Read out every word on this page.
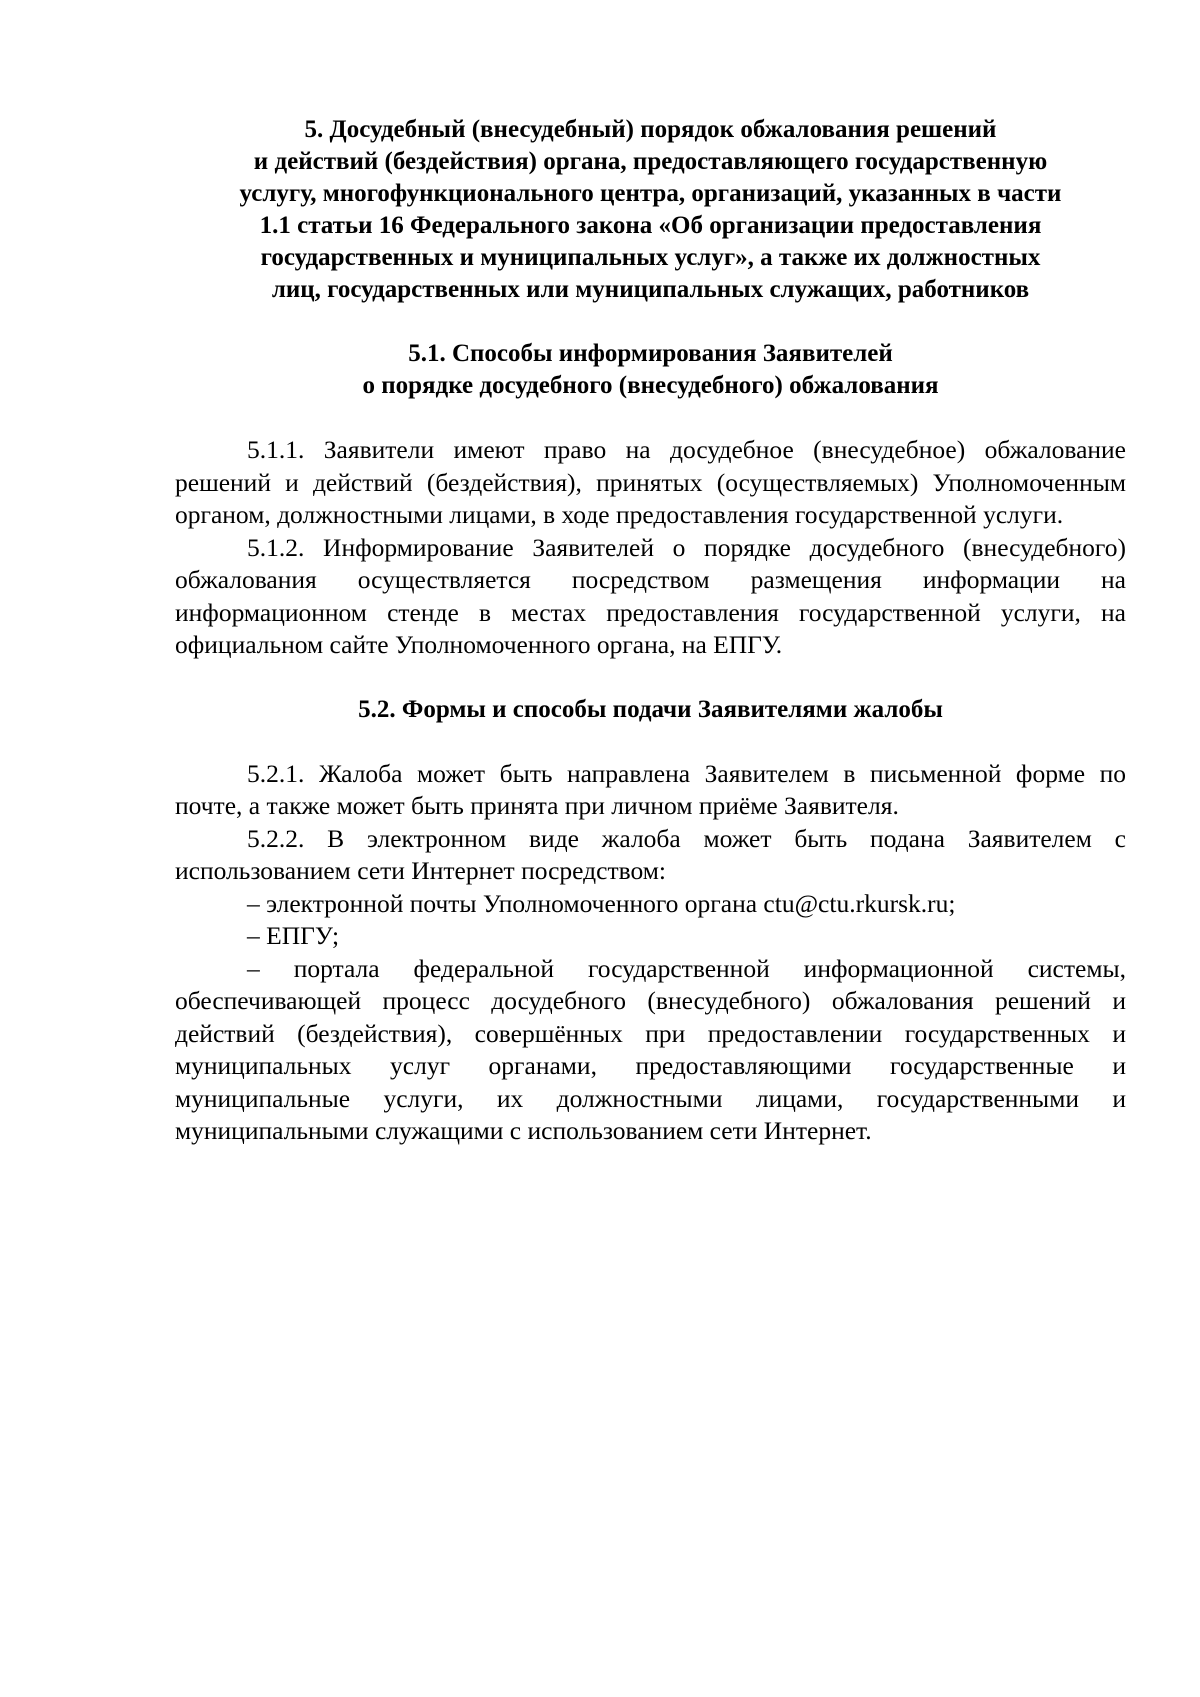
5. Досудебный (внесудебный) порядок обжалования решений
и действий (бездействия) органа, предоставляющего государственную
услугу, многофункционального центра, организаций, указанных в части
1.1 статьи 16 Федерального закона «Об организации предоставления
государственных и муниципальных услуг», а также их должностных
лиц, государственных или муниципальных служащих, работников
5.1. Способы информирования Заявителей
о порядке досудебного (внесудебного) обжалования

5.1.1. Заявители имеют право на досудебное (внесудебное) обжалование решений и действий (бездействия), принятых (осуществляемых) Уполномоченным органом, должностными лицами, в ходе предоставления государственной услуги.

5.1.2. Информирование Заявителей о порядке досудебного (внесудебного) обжалования осуществляется посредством размещения информации на информационном стенде в местах предоставления государственной услуги, на официальном сайте Уполномоченного органа, на ЕПГУ.

5.2. Формы и способы подачи Заявителями жалобы

5.2.1. Жалоба может быть направлена Заявителем в письменной форме по почте, а также может быть принята при личном приёме Заявителя.

5.2.2. В электронном виде жалоба может быть подана Заявителем с использованием сети Интернет посредством:

– электронной почты Уполномоченного органа ctu@ctu.rkursk.ru;

– ЕПГУ;

– портала федеральной государственной информационной системы, обеспечивающей процесс досудебного (внесудебного) обжалования решений и действий (бездействия), совершённых при предоставлении государственных и муниципальных услуг органами, предоставляющими государственные и муниципальные услуги, их должностными лицами, государственными и муниципальными служащими с использованием сети Интернет.
